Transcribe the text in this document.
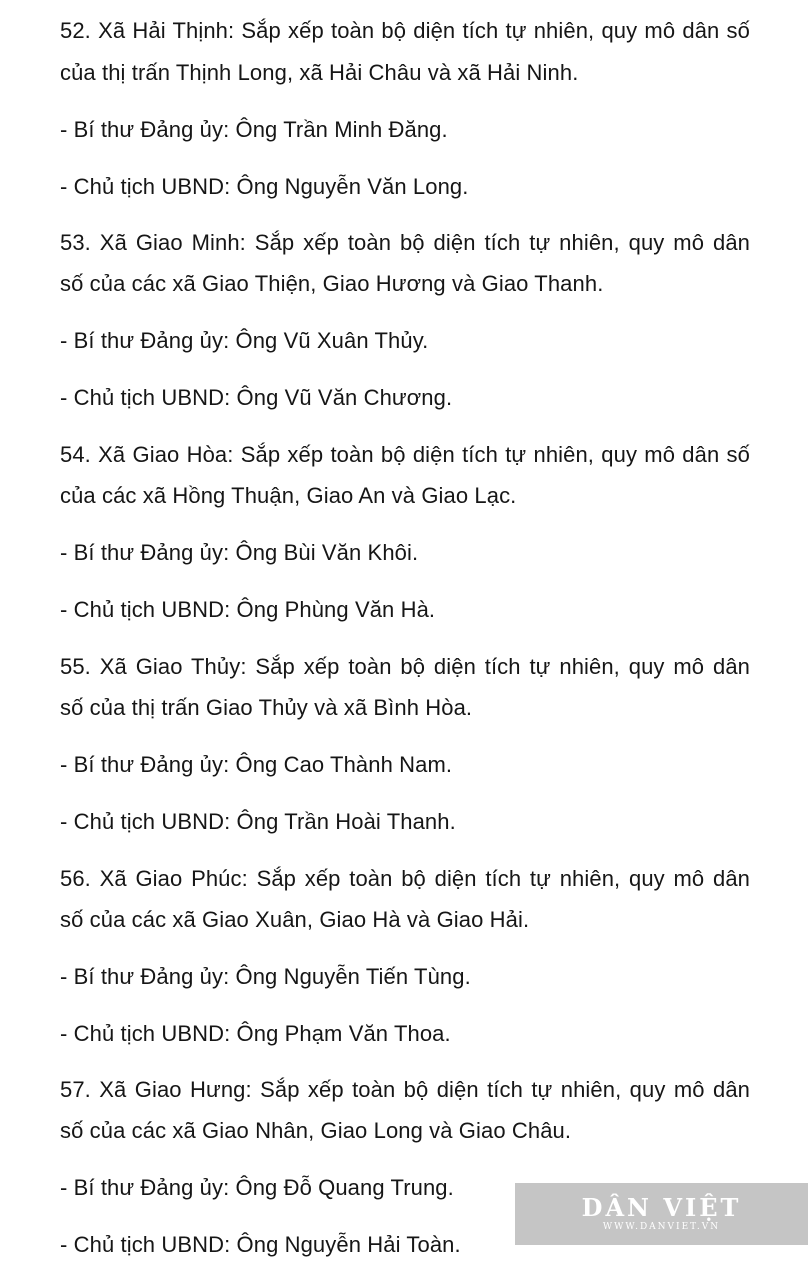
52. Xã Hải Thịnh: Sắp xếp toàn bộ diện tích tự nhiên, quy mô dân số

của thị trấn Thịnh Long, xã Hải Châu và xã Hải Ninh.

- Bí thư Đảng ủy: Ông Trần Minh Đăng.

- Chủ tịch UBND: Ông Nguyễn Văn Long.

53. Xã Giao Minh: Sắp xếp toàn bộ diện tích tự nhiên, quy mô dân

số của các xã Giao Thiện, Giao Hương và Giao Thanh.

- Bí thư Đảng ủy: Ông Vũ Xuân Thủy.

- Chủ tịch UBND: Ông Vũ Văn Chương.

54. Xã Giao Hòa: Sắp xếp toàn bộ diện tích tự nhiên, quy mô dân số

của các xã Hồng Thuận, Giao An và Giao Lạc.

- Bí thư Đảng ủy: Ông Bùi Văn Khôi.

- Chủ tịch UBND: Ông Phùng Văn Hà.

55. Xã Giao Thủy: Sắp xếp toàn bộ diện tích tự nhiên, quy mô dân

số của thị trấn Giao Thủy và xã Bình Hòa.

- Bí thư Đảng ủy: Ông Cao Thành Nam.

- Chủ tịch UBND: Ông Trần Hoài Thanh.

56. Xã Giao Phúc: Sắp xếp toàn bộ diện tích tự nhiên, quy mô dân

số của các xã Giao Xuân, Giao Hà và Giao Hải.

- Bí thư Đảng ủy: Ông Nguyễn Tiến Tùng.

- Chủ tịch UBND: Ông Phạm Văn Thoa.

57. Xã Giao Hưng: Sắp xếp toàn bộ diện tích tự nhiên, quy mô dân

số của các xã Giao Nhân, Giao Long và Giao Châu.

- Bí thư Đảng ủy: Ông Đỗ Quang Trung.

- Chủ tịch UBND: Ông Nguyễn Hải Toàn.

DÂN VIỆT
WWW.DANVIET.VN
